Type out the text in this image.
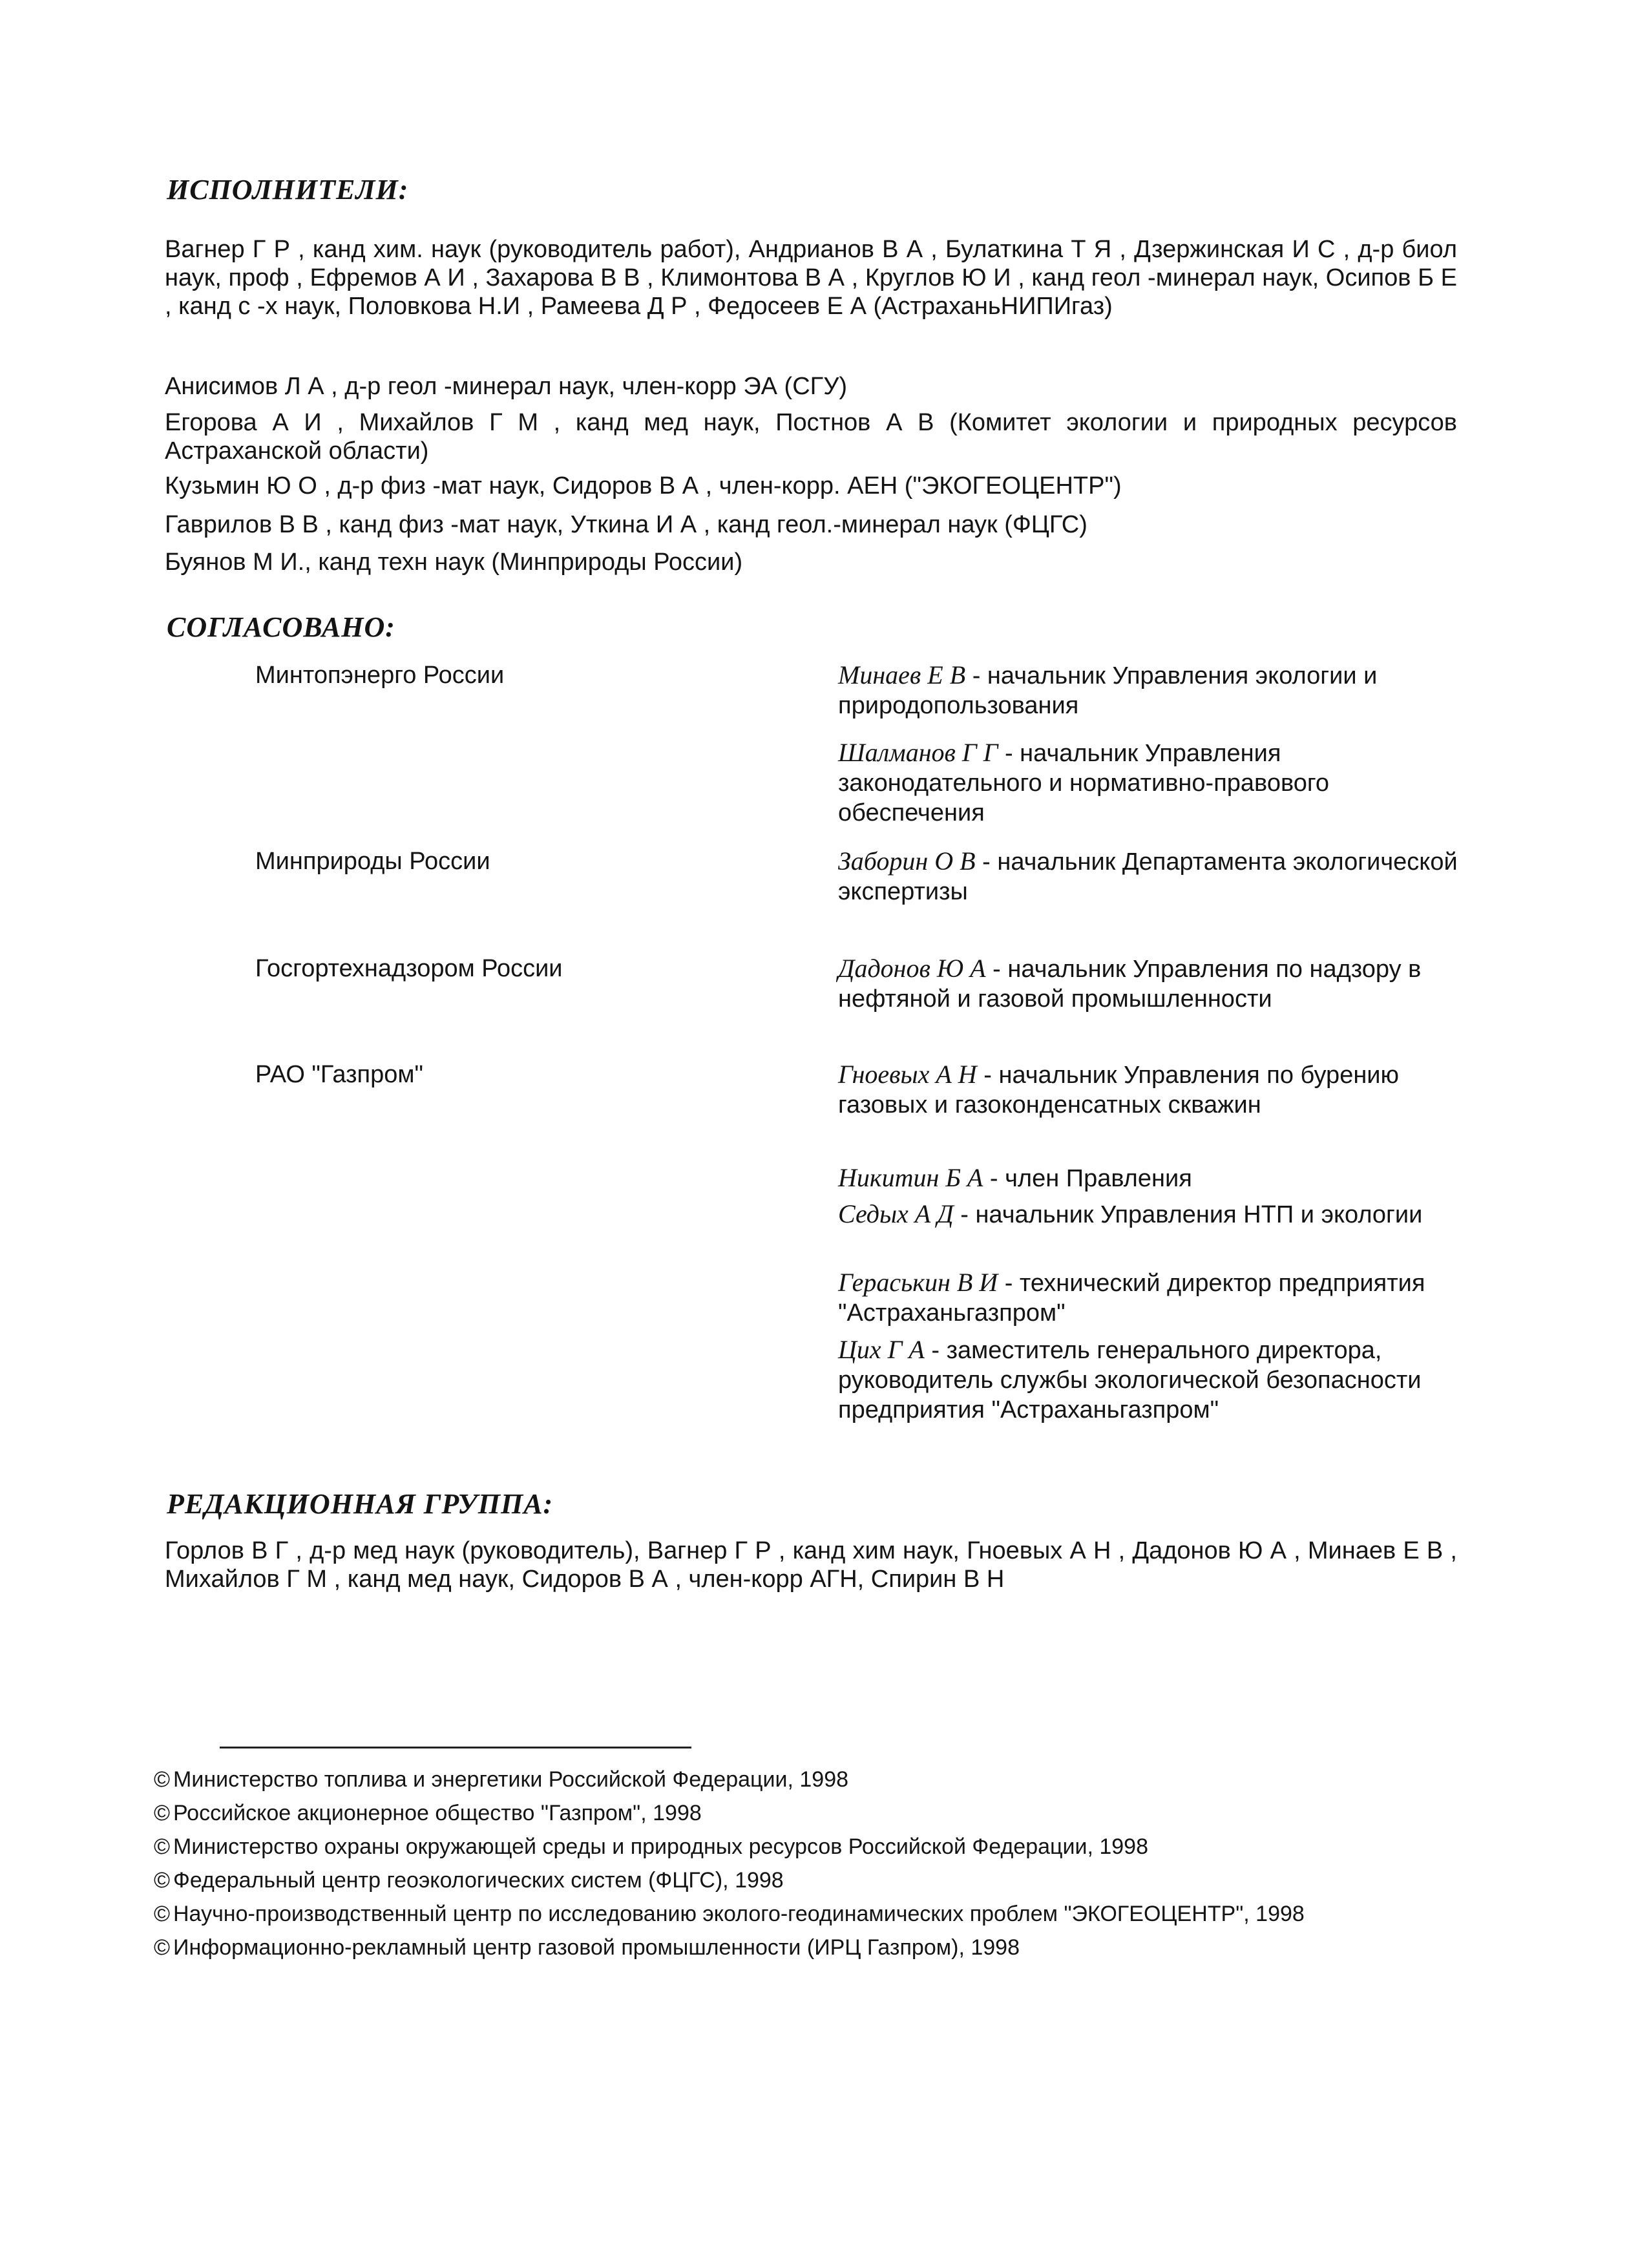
ИСПОЛНИТЕЛИ:
Вагнер Г Р , канд хим. наук (руководитель работ), Андрианов В А , Булаткина Т Я , Дзержинская И С , д-р биол наук, проф , Ефремов А И , Захарова В В , Климонтова В А , Круглов Ю И , канд геол -минерал наук, Осипов Б Е , канд с -х наук, Половкова Н.И , Рамеева Д Р , Федосеев Е А (АстраханьНИПИгаз)
Анисимов Л А , д-р геол -минерал наук, член-корр ЭА (СГУ)
Егорова А И , Михайлов Г М , канд мед наук, Постнов А В (Комитет экологии и природных ресурсов Астраханской области)
Кузьмин Ю О , д-р физ -мат наук, Сидоров В А , член-корр. АЕН ("ЭКОГЕОЦЕНТР")
Гаврилов В В , канд физ -мат наук, Уткина И А , канд геол.-минерал наук (ФЦГС)
Буянов М И., канд техн наук (Минприроды России)
СОГЛАСОВАНО:
Минтопэнерго России
Минприроды России
Госгортехнадзором России
РАО "Газпром"
Минаев Е В - начальник Управления экологии и природопользования
Шалманов Г Г - начальник Управления законодательного и нормативно-правового обеспечения
Заборин О В - начальник Департамента экологической экспертизы
Дадонов Ю А - начальник Управления по надзору в нефтяной и газовой промышленности
Гноевых А Н - начальник Управления по бурению газовых и газоконденсатных скважин
Никитин Б А - член Правления
Седых А Д - начальник Управления НТП и экологии
Гераськин В И - технический директор предприятия "Астраханьгазпром"
Цих Г А - заместитель генерального директора, руководитель службы экологической безопасности предприятия "Астраханьгазпром"
РЕДАКЦИОННАЯ ГРУППА:
Горлов В Г , д-р мед наук (руководитель), Вагнер Г Р , канд хим наук, Гноевых А Н , Дадонов Ю А , Минаев Е В , Михайлов Г М , канд мед наук, Сидоров В А , член-корр АГН, Спирин В Н
© Министерство топлива и энергетики Российской Федерации, 1998
© Российское акционерное общество "Газпром", 1998
© Министерство охраны окружающей среды и природных ресурсов Российской Федерации, 1998
© Федеральный центр геоэкологических систем (ФЦГС), 1998
© Научно-производственный центр по исследованию эколого-геодинамических проблем "ЭКОГЕОЦЕНТР", 1998
© Информационно-рекламный центр газовой промышленности (ИРЦ Газпром), 1998
